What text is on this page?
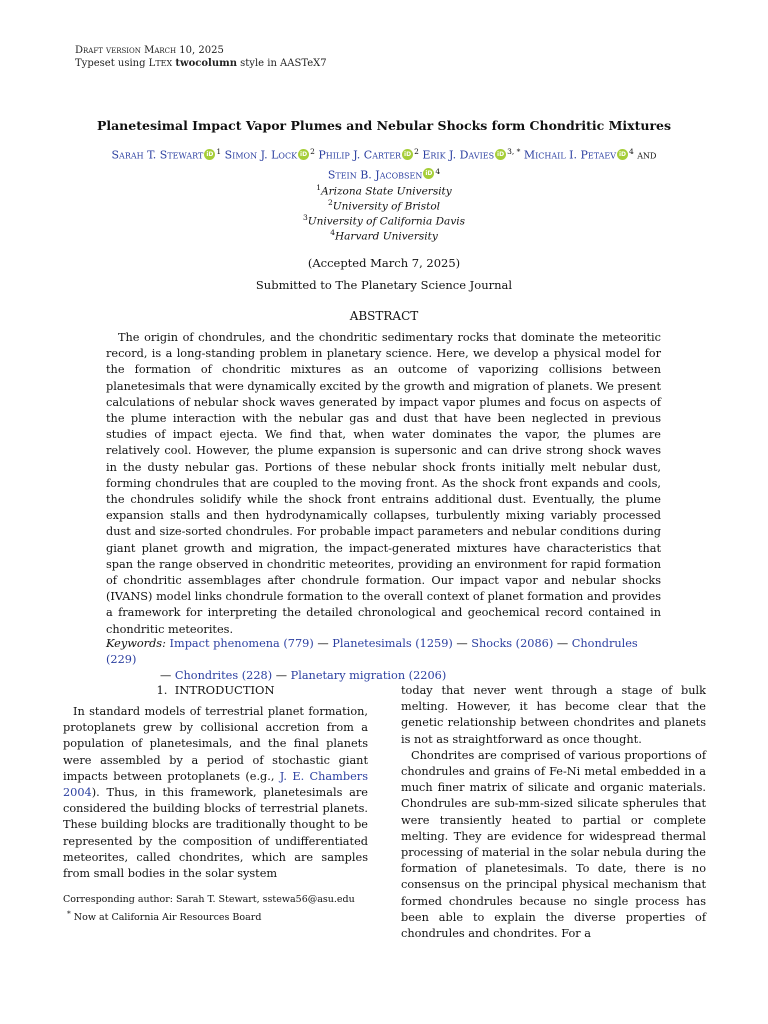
Draft version March 10, 2025
Typeset using LTEX twocolumn style in AASTeX7
Planetesimal Impact Vapor Plumes and Nebular Shocks form Chondritic Mixtures
Sarah T. Stewart iD $^1$ Simon J. Lock iD $^2$ Philip J. Carter iD $^2$ Erik J. Davies iD $^{3, *}$ Michail I. Petaev iD $^4$ and
Stein B. Jacobsen iD $^4$
$^1$Arizona State University
$^2$University of Bristol
$^3$University of California Davis
$^4$Harvard University
(Accepted March 7, 2025)
Submitted to The Planetary Science Journal
ABSTRACT
The origin of chondrules, and the chondritic sedimentary rocks that dominate the meteoritic record, is a long-standing problem in planetary science. Here, we develop a physical model for the formation of chondritic mixtures as an outcome of vaporizing collisions between planetesimals that were dynamically excited by the growth and migration of planets. We present calculations of nebular shock waves generated by impact vapor plumes and focus on aspects of the plume interaction with the nebular gas and dust that have been neglected in previous studies of impact ejecta. We find that, when water dominates the vapor, the plumes are relatively cool. However, the plume expansion is supersonic and can drive strong shock waves in the dusty nebular gas. Portions of these nebular shock fronts initially melt nebular dust, forming chondrules that are coupled to the moving front. As the shock front expands and cools, the chondrules solidify while the shock front entrains additional dust. Eventually, the plume expansion stalls and then hydrodynamically collapses, turbulently mixing variably processed dust and size-sorted chondrules. For probable impact parameters and nebular conditions during giant planet growth and migration, the impact-generated mixtures have characteristics that span the range observed in chondritic meteorites, providing an environment for rapid formation of chondritic assemblages after chondrule formation. Our impact vapor and nebular shocks (IVANS) model links chondrule formation to the overall context of planet formation and provides a framework for interpreting the detailed chronological and geochemical record contained in chondritic meteorites.
Keywords: Impact phenomena (779) — Planetesimals (1259) — Shocks (2086) — Chondrules (229)
— Chondrites (228) — Planetary migration (2206)
1. INTRODUCTION

In standard models of terrestrial planet formation, protoplanets grew by collisional accretion from a population of planetesimals, and the final planets were assembled by a period of stochastic giant impacts between protoplanets (e.g., J. E. Chambers 2004). Thus, in this framework, planetesimals are considered the building blocks of terrestrial planets. These building blocks are traditionally thought to be represented by the composition of undifferentiated meteorites, called chondrites, which are samples from small bodies in the solar system

today that never went through a stage of bulk melting. However, it has become clear that the genetic relationship between chondrites and planets is not as straightforward as once thought.

Chondrites are comprised of various proportions of chondrules and grains of Fe-Ni metal embedded in a much finer matrix of silicate and organic materials. Chondrules are sub-mm-sized silicate spherules that were transiently heated to partial or complete melting. They are evidence for widespread thermal processing of material in the solar nebula during the formation of planetesimals. To date, there is no consensus on the principal physical mechanism that formed chondrules because no single process has been able to explain the diverse properties of chondrules and chondrites. For a

Corresponding author: Sarah T. Stewart, sstewa56@asu.edu
* Now at California Air Resources Board
